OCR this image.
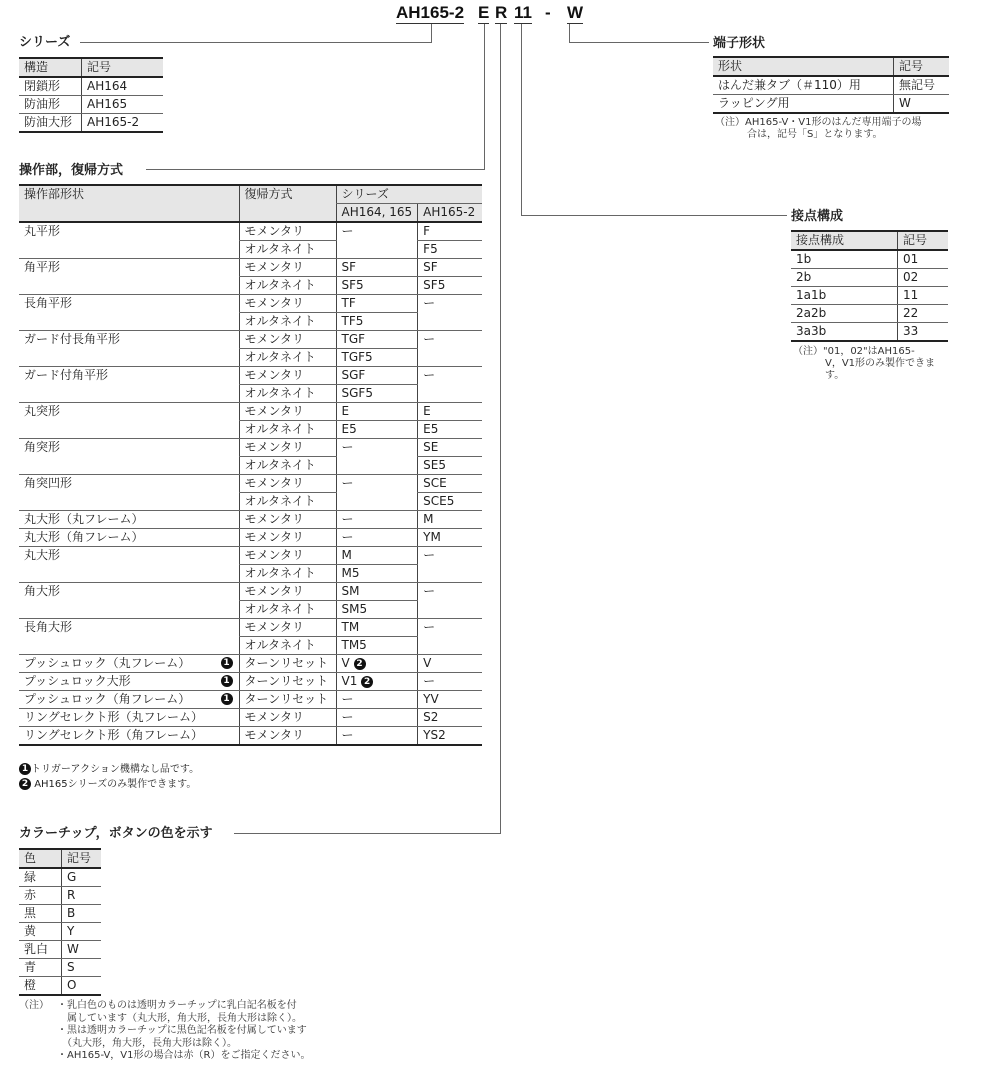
AH165-2 E R 11 - W
シリーズ
構造	記号
閉鎖形	AH164
防油形	AH165
防油大形	AH165-2
端子形状
形状	記号
はんだ兼タブ（＃110）用	無記号
ラッピング用	W
（注）AH165-V・V1形のはんだ専用端子の場
合は，記号「S」となります。
接点構成
接点構成	記号
1b	01
2b	02
1a1b	11
2a2b	22
3a3b	33
（注）"01，02"はAH165-
V，V1形のみ製作できま
す。
操作部，復帰方式
操作部形状	復帰方式	シリーズ	
		AH164, 165	AH165-2
丸平形	モメンタリ	ー	F
	オルタネイト		F5
角平形	モメンタリ	SF	SF
	オルタネイト	SF5	SF5
長角平形	モメンタリ	TF	ー
	オルタネイト	TF5	
ガード付長角平形	モメンタリ	TGF	ー
	オルタネイト	TGF5	
ガード付角平形	モメンタリ	SGF	ー
	オルタネイト	SGF5	
丸突形	モメンタリ	E	E
	オルタネイト	E5	E5
角突形	モメンタリ	ー	SE
	オルタネイト		SE5
角突凹形	モメンタリ	ー	SCE
	オルタネイト		SCE5
丸大形（丸フレーム）	モメンタリ	ー	M
丸大形（角フレーム）	モメンタリ	ー	YM
丸大形	モメンタリ	M	ー
	オルタネイト	M5	
角大形	モメンタリ	SM	ー
	オルタネイト	SM5	
長角大形	モメンタリ	TM	ー
	オルタネイト	TM5	
プッシュロック（丸フレーム） 1	ターンリセット	V 2	V
プッシュロック大形 1	ターンリセット	V1 2	ー
プッシュロック（角フレーム） 1	ターンリセット	ー	YV
リングセレクト形（丸フレーム）	モメンタリ	ー	S2
リングセレクト形（角フレーム）	モメンタリ	ー	YS2
1 トリガーアクション機構なし品です。
2 AH165シリーズのみ製作できます。
カラーチップ，ボタンの色を示す
色	記号
緑	G
赤	R
黒	B
黄	Y
乳白	W
青	S
橙	O
（注） ・乳白色のものは透明カラーチップに乳白記名板を付
　属しています（丸大形，角大形，長角大形は除く）。
・黒は透明カラーチップに黒色記名板を付属しています
　（丸大形，角大形，長角大形は除く）。
・AH165-V，V1形の場合は赤（R）をご指定ください。
